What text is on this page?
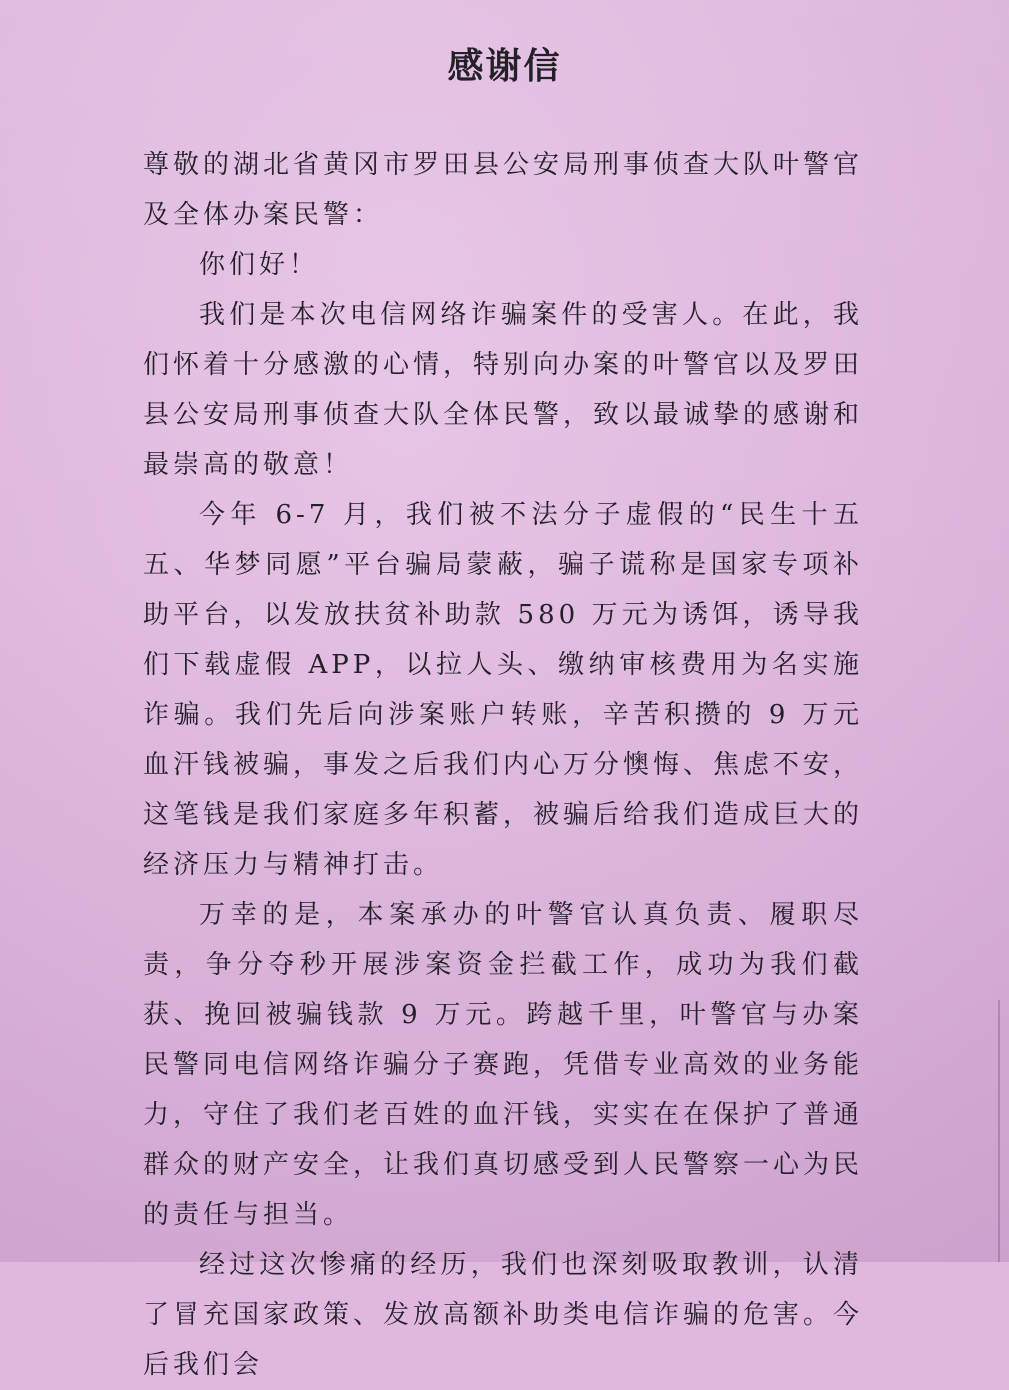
感谢信

尊敬的湖北省黄冈市罗田县公安局刑事侦查大队叶警官及全体办案民警：

你们好！

我们是本次电信网络诈骗案件的受害人。在此，我们怀着十分感激的心情，特别向办案的叶警官以及罗田县公安局刑事侦查大队全体民警，致以最诚挚的感谢和最崇高的敬意！

今年 6-7 月，我们被不法分子虚假的“民生十五五、华梦同愿”平台骗局蒙蔽，骗子谎称是国家专项补助平台，以发放扶贫补助款 580 万元为诱饵，诱导我们下载虚假 APP，以拉人头、缴纳审核费用为名实施诈骗。我们先后向涉案账户转账，辛苦积攒的 9 万元血汗钱被骗，事发之后我们内心万分懊悔、焦虑不安，这笔钱是我们家庭多年积蓄，被骗后给我们造成巨大的经济压力与精神打击。

万幸的是，本案承办的叶警官认真负责、履职尽责，争分夺秒开展涉案资金拦截工作，成功为我们截获、挽回被骗钱款 9 万元。跨越千里，叶警官与办案民警同电信网络诈骗分子赛跑，凭借专业高效的业务能力，守住了我们老百姓的血汗钱，实实在在保护了普通群众的财产安全，让我们真切感受到人民警察一心为民的责任与担当。

经过这次惨痛的经历，我们也深刻吸取教训，认清了冒充国家政策、发放高额补助类电信诈骗的危害。今后我们会
